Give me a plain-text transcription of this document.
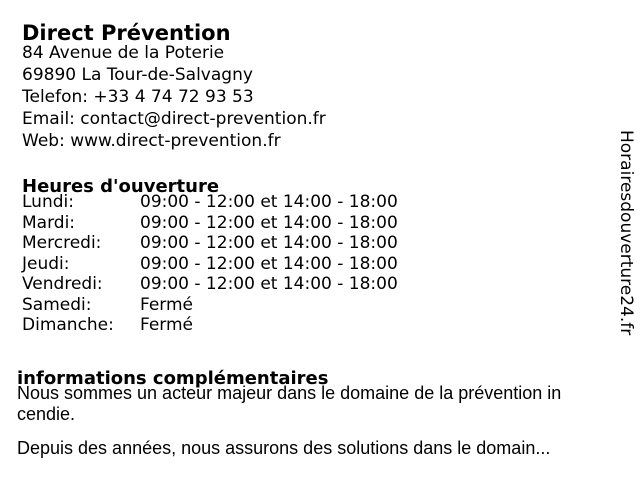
Direct Prévention
84 Avenue de la Poterie
69890 La Tour-de-Salvagny
Telefon: +33 4 74 72 93 53
Email: contact@direct-prevention.fr
Web: www.direct-prevention.fr
Heures d'ouverture
Lundi:	09:00 - 12:00 et 14:00 - 18:00
Mardi:	09:00 - 12:00 et 14:00 - 18:00
Mercredi:	09:00 - 12:00 et 14:00 - 18:00
Jeudi:	09:00 - 12:00 et 14:00 - 18:00
Vendredi:	09:00 - 12:00 et 14:00 - 18:00
Samedi:	Fermé
Dimanche:	Fermé
informations complémentaires
Nous sommes un acteur majeur dans le domaine de la prévention in
cendie.
Depuis des années, nous assurons des solutions dans le domain...
Horairesdouverture24.fr
